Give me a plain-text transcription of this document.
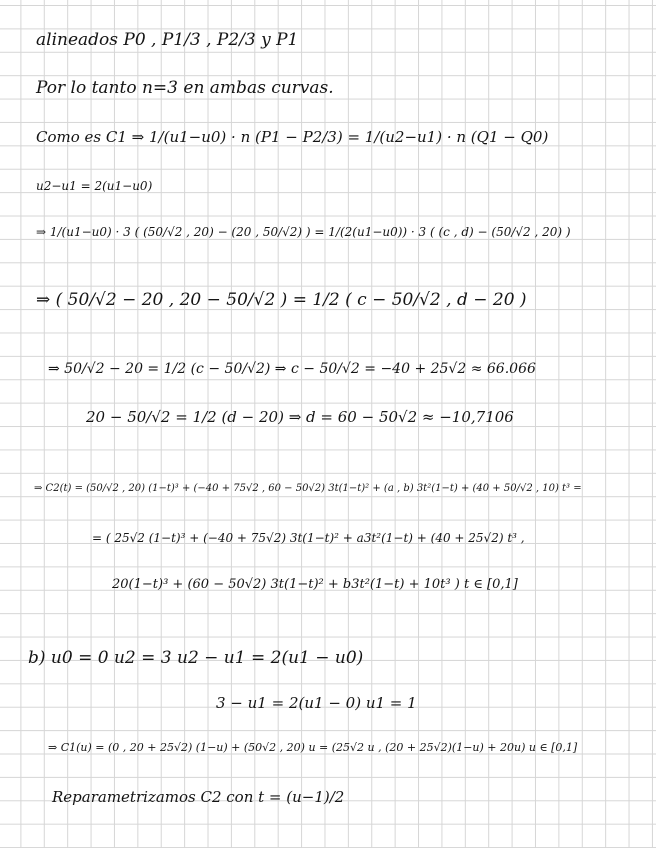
alineados P0 , P1/3 , P2/3 y P1
Por lo tanto n=3 en ambas curvas.
Como es C1 ⇒ 1/(u1−u0) · n (P1 − P2/3) = 1/(u2−u1) · n (Q1 − Q0)
u2−u1 = 2(u1−u0)
⇒ 1/(u1−u0) · 3 ( (50/√2 , 20) − (20 , 50/√2) ) = 1/(2(u1−u0)) · 3 ( (c , d) − (50/√2 , 20) )
⇒ ( 50/√2 − 20 , 20 − 50/√2 ) = 1/2 ( c − 50/√2 , d − 20 )
⇒ 50/√2 − 20 = 1/2 (c − 50/√2) ⇒ c − 50/√2 = −40 + 25√2 ≈ 66.066
20 − 50/√2 = 1/2 (d − 20) ⇒ d = 60 − 50√2 ≈ −10,7106
⇒ C2(t) = (50/√2 , 20) (1−t)³ + (−40 + 75√2 , 60 − 50√2) 3t(1−t)² + (a , b) 3t²(1−t) + (40 + 50/√2 , 10) t³ =
= ( 25√2 (1−t)³ + (−40 + 75√2) 3t(1−t)² + a3t²(1−t) + (40 + 25√2) t³ ,
20(1−t)³ + (60 − 50√2) 3t(1−t)² + b3t²(1−t) + 10t³ ) t ∈ [0,1]
b) u0 = 0 u2 = 3 u2 − u1 = 2(u1 − u0)
3 − u1 = 2(u1 − 0) u1 = 1
⇒ C1(u) = (0 , 20 + 25√2) (1−u) + (50√2 , 20) u = (25√2 u , (20 + 25√2)(1−u) + 20u) u ∈ [0,1]
Reparametrizamos C2 con t = (u−1)/2
